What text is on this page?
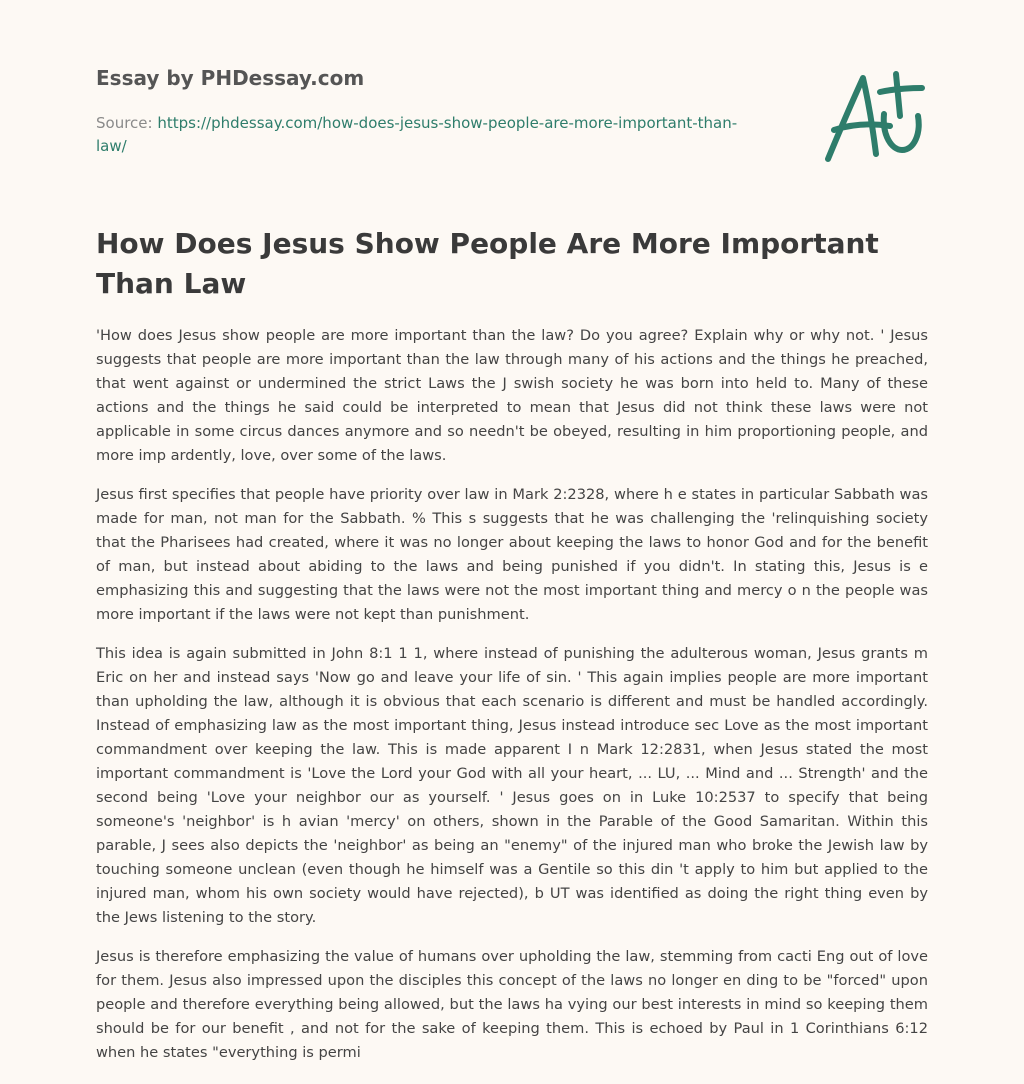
Essay by PHDessay.com

Source: https://phdessay.com/how-does-jesus-show-people-are-more-important-than-law/

How Does Jesus Show People Are More Important Than Law

'How does Jesus show people are more important than the law? Do you agree? Explain why or why not. ' Jesus suggests that people are more important than the law through many of his actions and the things he preached, that went against or undermined the strict Laws the J swish society he was born into held to. Many of these actions and the things he said could be interpreted to mean that Jesus did not think these laws were not applicable in some circus dances anymore and so needn't be obeyed, resulting in him proportioning people, and more imp ardently, love, over some of the laws.

Jesus first specifies that people have priority over law in Mark 2:2328, where h e states in particular Sabbath was made for man, not man for the Sabbath. % This s suggests that he was challenging the 'relinquishing society that the Pharisees had created, where it was no longer about keeping the laws to honor God and for the benefit of man, but instead about abiding to the laws and being punished if you didn't. In stating this, Jesus is e emphasizing this and suggesting that the laws were not the most important thing and mercy o n the people was more important if the laws were not kept than punishment.

This idea is again submitted in John 8:1 1 1, where instead of punishing the adulterous woman, Jesus grants m Eric on her and instead says 'Now go and leave your life of sin. ' This again implies people are more important than upholding the law, although it is obvious that each scenario is different and must be handled accordingly. Instead of emphasizing law as the most important thing, Jesus instead introduce sec Love as the most important commandment over keeping the law. This is made apparent I n Mark 12:2831, when Jesus stated the most important commandment is 'Love the Lord your God with all your heart, ... LU, ... Mind and ... Strength' and the second being 'Love your neighbor our as yourself. ' Jesus goes on in Luke 10:2537 to specify that being someone's 'neighbor' is h avian 'mercy' on others, shown in the Parable of the Good Samaritan. Within this parable, J sees also depicts the 'neighbor' as being an "enemy" of the injured man who broke the Jewish law by touching someone unclean (even though he himself was a Gentile so this din 't apply to him but applied to the injured man, whom his own society would have rejected), b UT was identified as doing the right thing even by the Jews listening to the story.

Jesus is therefore emphasizing the value of humans over upholding the law, stemming from cacti Eng out of love for them. Jesus also impressed upon the disciples this concept of the laws no longer en ding to be "forced" upon people and therefore everything being allowed, but the laws ha vying our best interests in mind so keeping them should be for our benefit , and not for the sake of keeping them. This is echoed by Paul in 1 Corinthians 6:12 when he states "everything is permi
